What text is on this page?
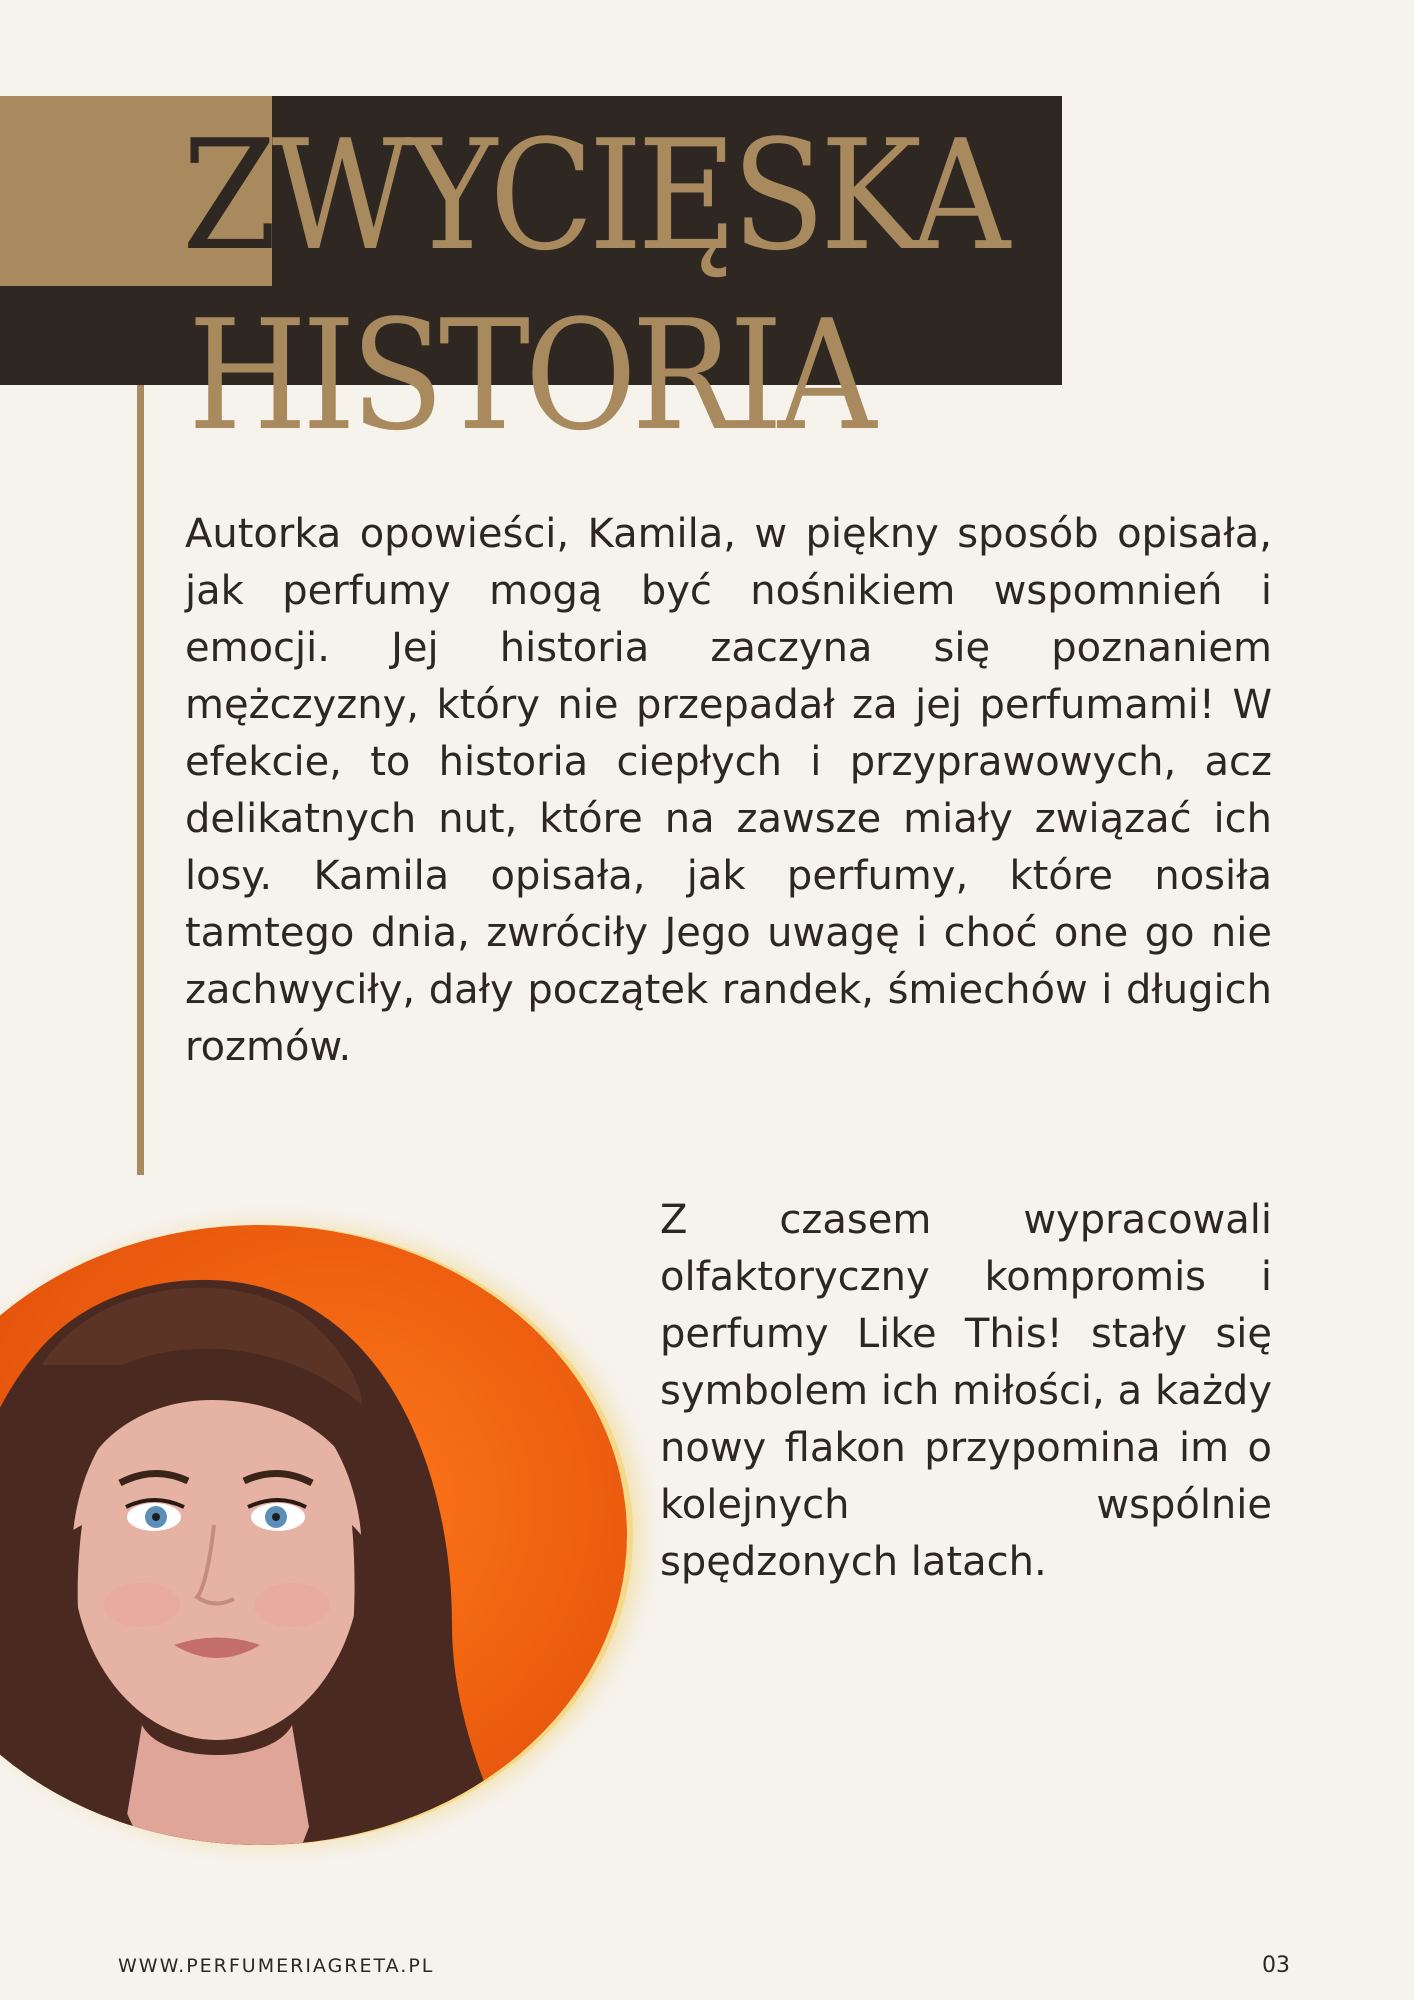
ZWYCIĘSKA
HISTORIA

Autorka opowieści, Kamila, w piękny sposób opisała, jak perfumy mogą być nośnikiem wspomnień i emocji. Jej historia zaczyna się poznaniem mężczyzny, który nie przepadał za jej perfumami! W efekcie, to historia ciepłych i przyprawowych, acz delikatnych nut, które na zawsze miały związać ich losy. Kamila opisała, jak perfumy, które nosiła tamtego dnia, zwróciły Jego uwagę i choć one go nie zachwyciły, dały początek randek, śmiechów i długich rozmów.

Z czasem wypracowali olfaktoryczny kompromis i perfumy Like This! stały się symbolem ich miłości, a każdy nowy flakon przypomina im o kolejnych wspólnie spędzonych latach.

WWW.PERFUMERIAGRETA.PL	03
